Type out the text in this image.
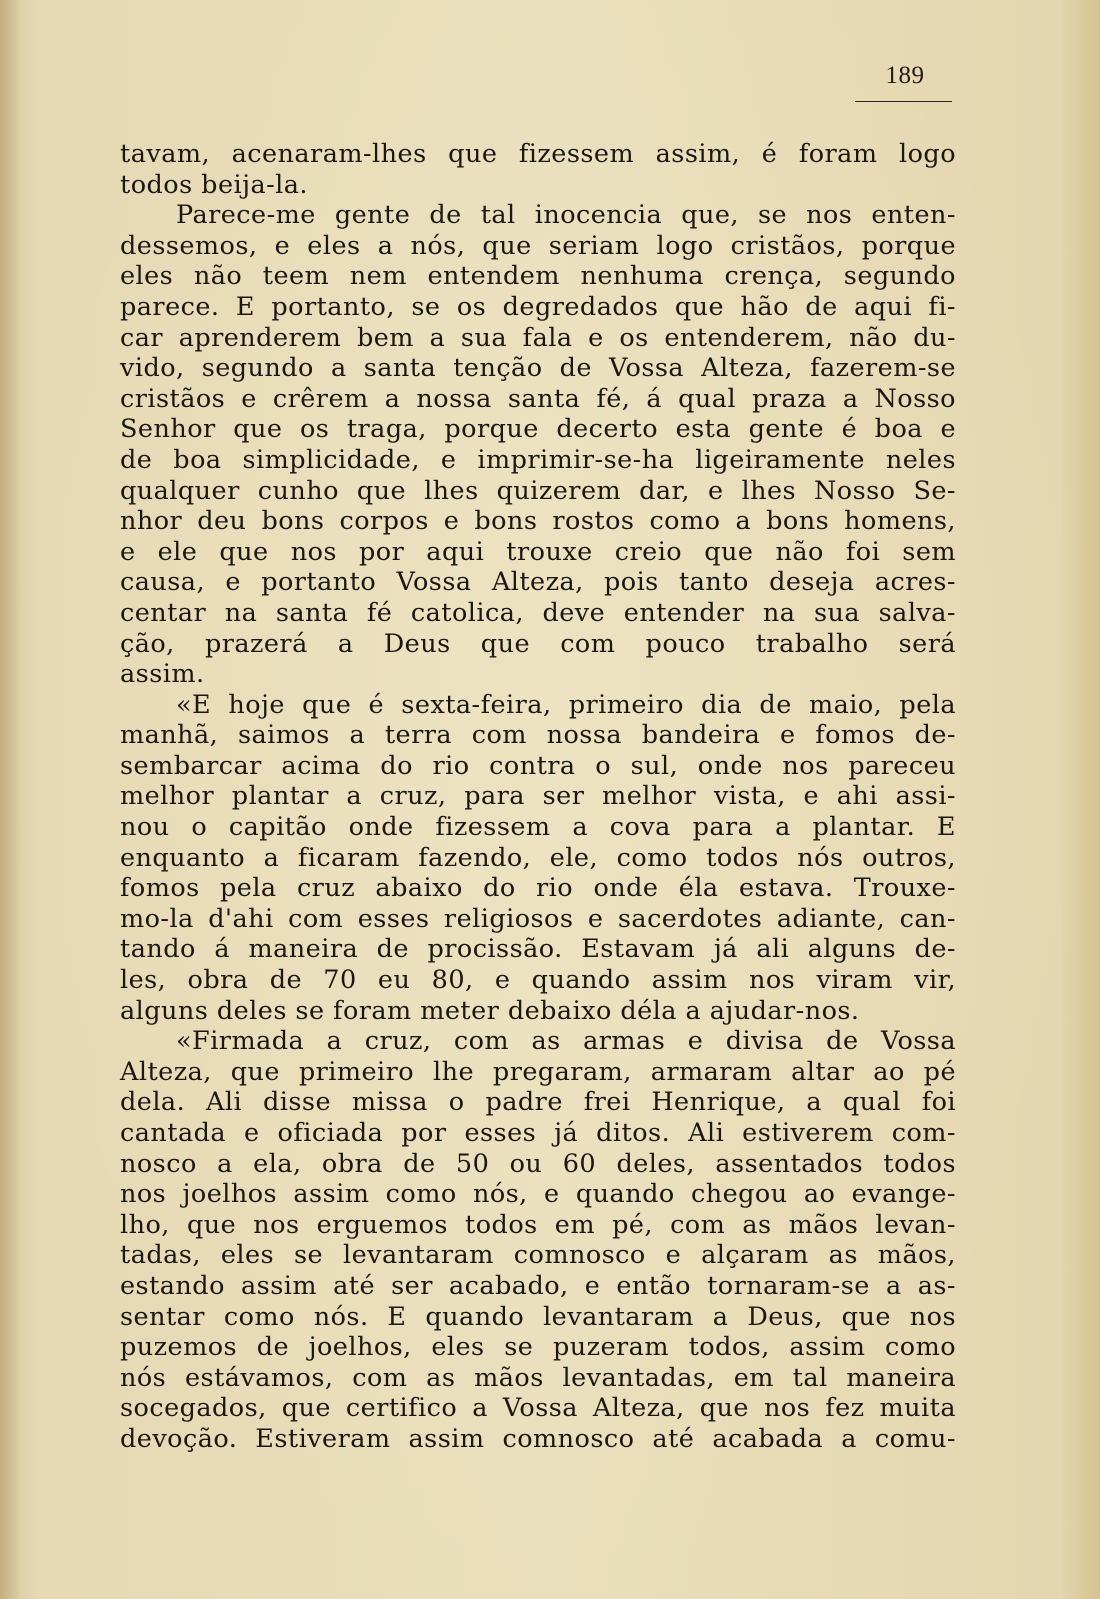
189
tavam, acenaram-lhes que fizessem assim, é foram logo
todos beija-la.
Parece-me gente de tal inocencia que, se nos enten-
dessemos, e eles a nós, que seriam logo cristãos, porque
eles não teem nem entendem nenhuma crença, segundo
parece. E portanto, se os degredados que hão de aqui fi-
car aprenderem bem a sua fala e os entenderem, não du-
vido, segundo a santa tenção de Vossa Alteza, fazerem-se
cristãos e crêrem a nossa santa fé, á qual praza a Nosso
Senhor que os traga, porque decerto esta gente é boa e
de boa simplicidade, e imprimir-se-ha ligeiramente neles
qualquer cunho que lhes quizerem dar, e lhes Nosso Se-
nhor deu bons corpos e bons rostos como a bons homens,
e ele que nos por aqui trouxe creio que não foi sem
causa, e portanto Vossa Alteza, pois tanto deseja acres-
centar na santa fé catolica, deve entender na sua salva-
ção, prazerá a Deus que com pouco trabalho será
assim.
«E hoje que é sexta-feira, primeiro dia de maio, pela
manhã, saimos a terra com nossa bandeira e fomos de-
sembarcar acima do rio contra o sul, onde nos pareceu
melhor plantar a cruz, para ser melhor vista, e ahi assi-
nou o capitão onde fizessem a cova para a plantar. E
enquanto a ficaram fazendo, ele, como todos nós outros,
fomos pela cruz abaixo do rio onde éla estava. Trouxe-
mo-la d'ahi com esses religiosos e sacerdotes adiante, can-
tando á maneira de procissão. Estavam já ali alguns de-
les, obra de 70 eu 80, e quando assim nos viram vir,
alguns deles se foram meter debaixo déla a ajudar-nos.
«Firmada a cruz, com as armas e divisa de Vossa
Alteza, que primeiro lhe pregaram, armaram altar ao pé
dela. Ali disse missa o padre frei Henrique, a qual foi
cantada e oficiada por esses já ditos. Ali estiverem com-
nosco a ela, obra de 50 ou 60 deles, assentados todos
nos joelhos assim como nós, e quando chegou ao evange-
lho, que nos erguemos todos em pé, com as mãos levan-
tadas, eles se levantaram comnosco e alçaram as mãos,
estando assim até ser acabado, e então tornaram-se a as-
sentar como nós. E quando levantaram a Deus, que nos
puzemos de joelhos, eles se puzeram todos, assim como
nós estávamos, com as mãos levantadas, em tal maneira
socegados, que certifico a Vossa Alteza, que nos fez muita
devoção. Estiveram assim comnosco até acabada a comu-
